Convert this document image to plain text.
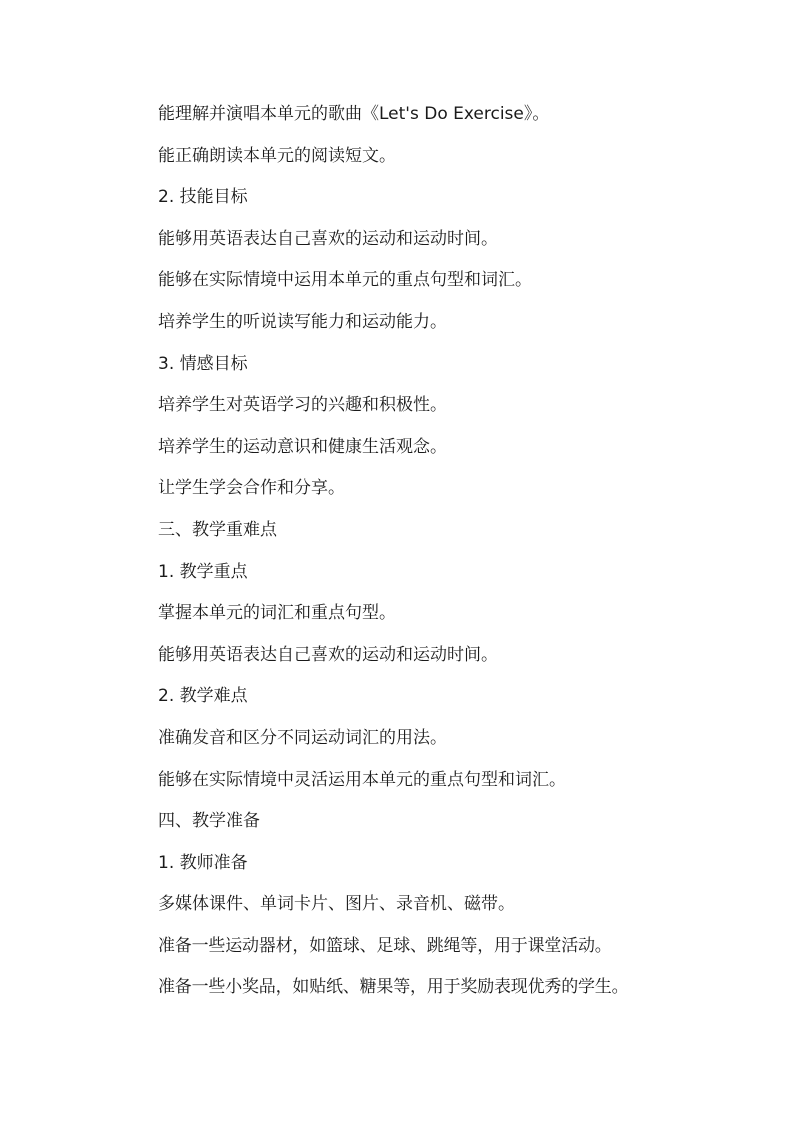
能理解并演唱本单元的歌曲《Let's Do Exercise》。
能正确朗读本单元的阅读短文。
2. 技能目标
能够用英语表达自己喜欢的运动和运动时间。
能够在实际情境中运用本单元的重点句型和词汇。
培养学生的听说读写能力和运动能力。
3. 情感目标
培养学生对英语学习的兴趣和积极性。
培养学生的运动意识和健康生活观念。
让学生学会合作和分享。
三、教学重难点
1. 教学重点
掌握本单元的词汇和重点句型。
能够用英语表达自己喜欢的运动和运动时间。
2. 教学难点
准确发音和区分不同运动词汇的用法。
能够在实际情境中灵活运用本单元的重点句型和词汇。
四、教学准备
1. 教师准备
多媒体课件、单词卡片、图片、录音机、磁带。
准备一些运动器材，如篮球、足球、跳绳等，用于课堂活动。
准备一些小奖品，如贴纸、糖果等，用于奖励表现优秀的学生。
